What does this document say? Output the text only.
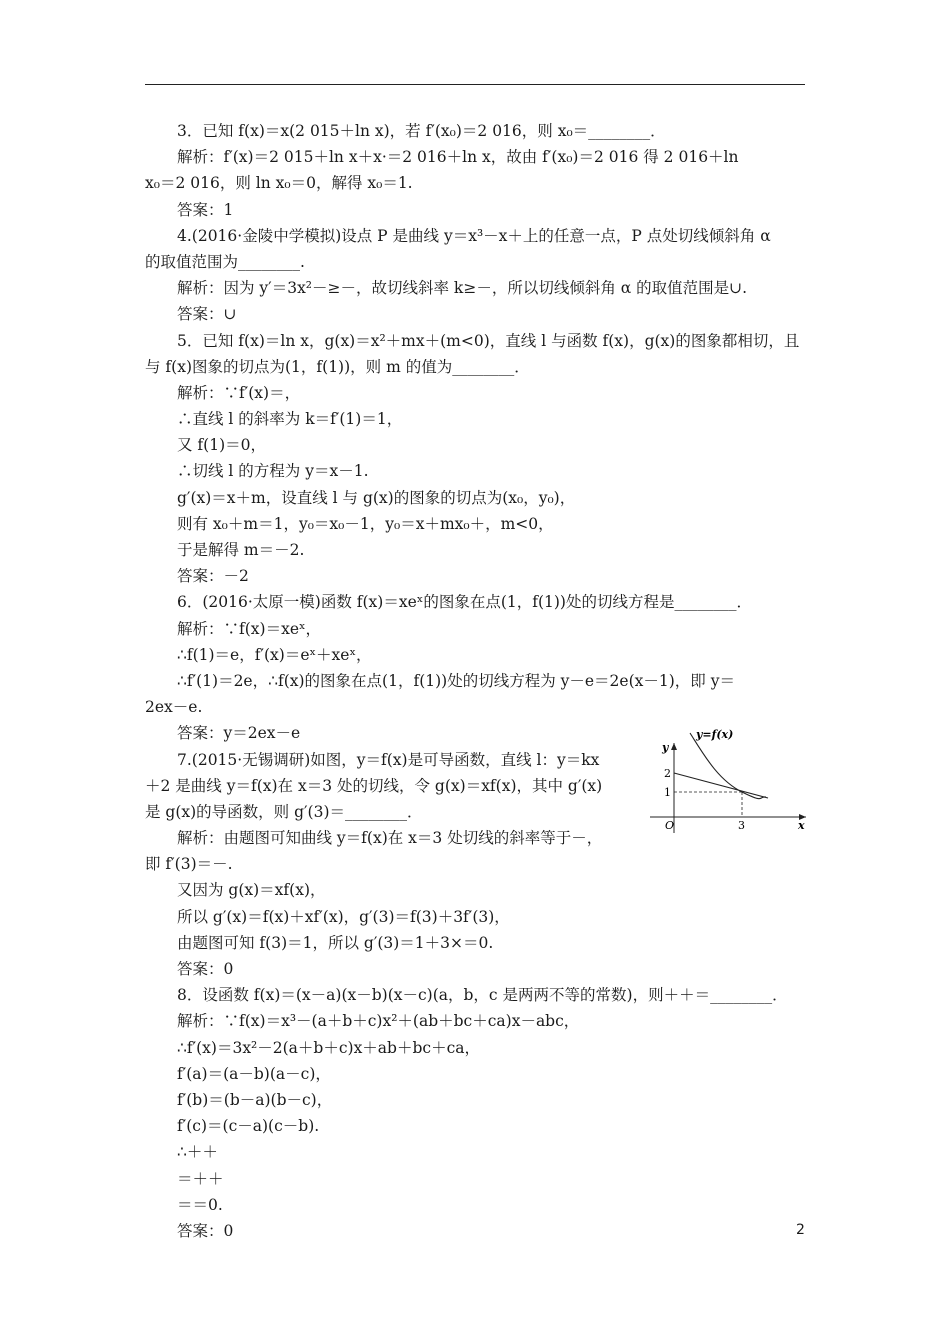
3．已知 f(x)＝x(2 015＋ln x)，若 f′(x₀)＝2 016，则 x₀＝________．
解析：f′(x)＝2 015＋ln x＋x·＝2 016＋ln x，故由 f′(x₀)＝2 016 得 2 016＋ln
x₀＝2 016，则 ln x₀＝0，解得 x₀＝1.
答案：1
4.(2016·金陵中学模拟)设点 P 是曲线 y＝x³－x＋上的任意一点，P 点处切线倾斜角 α
的取值范围为________.
解析：因为 y′＝3x²－≥－，故切线斜率 k≥－，所以切线倾斜角 α 的取值范围是∪.
答案：∪
5．已知 f(x)＝ln x，g(x)＝x²＋mx＋(m<0)，直线 l 与函数 f(x)，g(x)的图象都相切，且
与 f(x)图象的切点为(1，f(1))，则 m 的值为________．
解析：∵f′(x)＝，
∴直线 l 的斜率为 k＝f′(1)＝1，
又 f(1)＝0，
∴切线 l 的方程为 y＝x－1.
g′(x)＝x＋m，设直线 l 与 g(x)的图象的切点为(x₀，y₀)，
则有 x₀＋m＝1，y₀＝x₀－1，y₀＝x＋mx₀＋，m<0，
于是解得 m＝－2.
答案：－2
6．(2016·太原一模)函数 f(x)＝xeˣ的图象在点(1，f(1))处的切线方程是________．
解析：∵f(x)＝xeˣ，
∴f(1)＝e，f′(x)＝eˣ＋xeˣ，
∴f′(1)＝2e，∴f(x)的图象在点(1，f(1))处的切线方程为 y－e＝2e(x－1)，即 y＝
2ex－e.
答案：y＝2ex－e
7.(2015·无锡调研)如图，y＝f(x)是可导函数，直线 l：y＝kx
＋2 是曲线 y＝f(x)在 x＝3 处的切线，令 g(x)＝xf(x)，其中 g′(x)
是 g(x)的导函数，则 g′(3)＝________．
解析：由题图可知曲线 y＝f(x)在 x＝3 处切线的斜率等于－，
即 f′(3)＝－.
又因为 g(x)＝xf(x)，
所以 g′(x)＝f(x)＋xf′(x)，g′(3)＝f(3)＋3f′(3)，
由题图可知 f(3)＝1，所以 g′(3)＝1＋3×＝0.
答案：0
8．设函数 f(x)＝(x－a)(x－b)(x－c)(a，b，c 是两两不等的常数)，则＋＋＝________．
解析：∵f(x)＝x³－(a＋b＋c)x²＋(ab＋bc＋ca)x－abc，
∴f′(x)＝3x²－2(a＋b＋c)x＋ab＋bc＋ca，
f′(a)＝(a－b)(a－c)，
f′(b)＝(b－a)(b－c)，
f′(c)＝(c－a)(c－b).
∴＋＋
＝＋＋
＝＝0.
答案：0
y=f(x)
y
x
O
2
1
3
2
